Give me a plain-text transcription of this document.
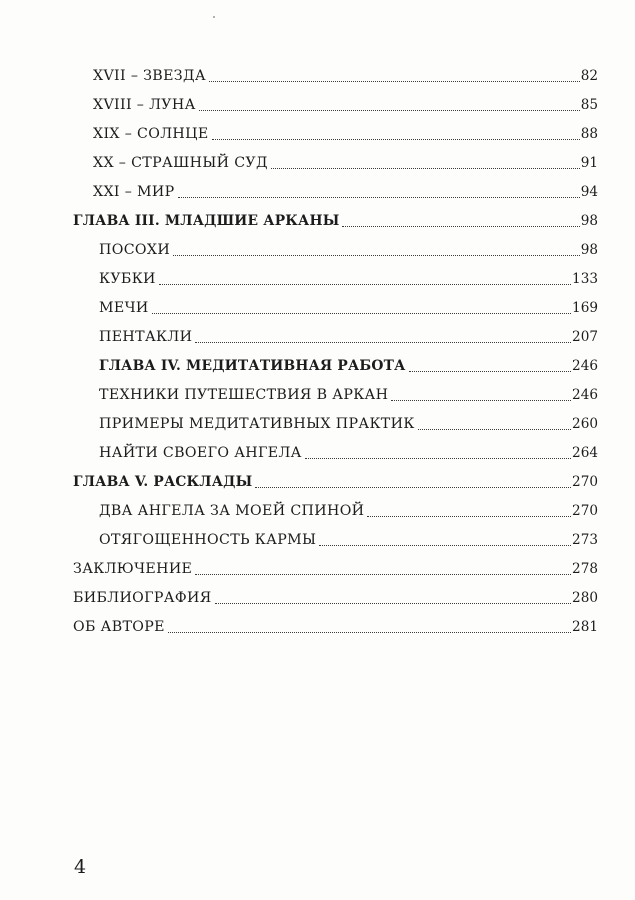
XVII – ЗВЕЗДА	82
XVIII – ЛУНА	85
XIX – СОЛНЦЕ	88
XX – СТРАШНЫЙ СУД	91
XXI – МИР	94
ГЛАВА III. МЛАДШИЕ АРКАНЫ	98
ПОСОХИ	98
КУБКИ	133
МЕЧИ	169
ПЕНТАКЛИ	207
ГЛАВА IV. МЕДИТАТИВНАЯ РАБОТА	246
ТЕХНИКИ ПУТЕШЕСТВИЯ В АРКАН	246
ПРИМЕРЫ МЕДИТАТИВНЫХ ПРАКТИК	260
НАЙТИ СВОЕГО АНГЕЛА	264
ГЛАВА V. РАСКЛАДЫ	270
ДВА АНГЕЛА ЗА МОЕЙ СПИНОЙ	270
ОТЯГОЩЕННОСТЬ КАРМЫ	273
ЗАКЛЮЧЕНИЕ	278
БИБЛИОГРАФИЯ	280
ОБ АВТОРЕ	281
4
